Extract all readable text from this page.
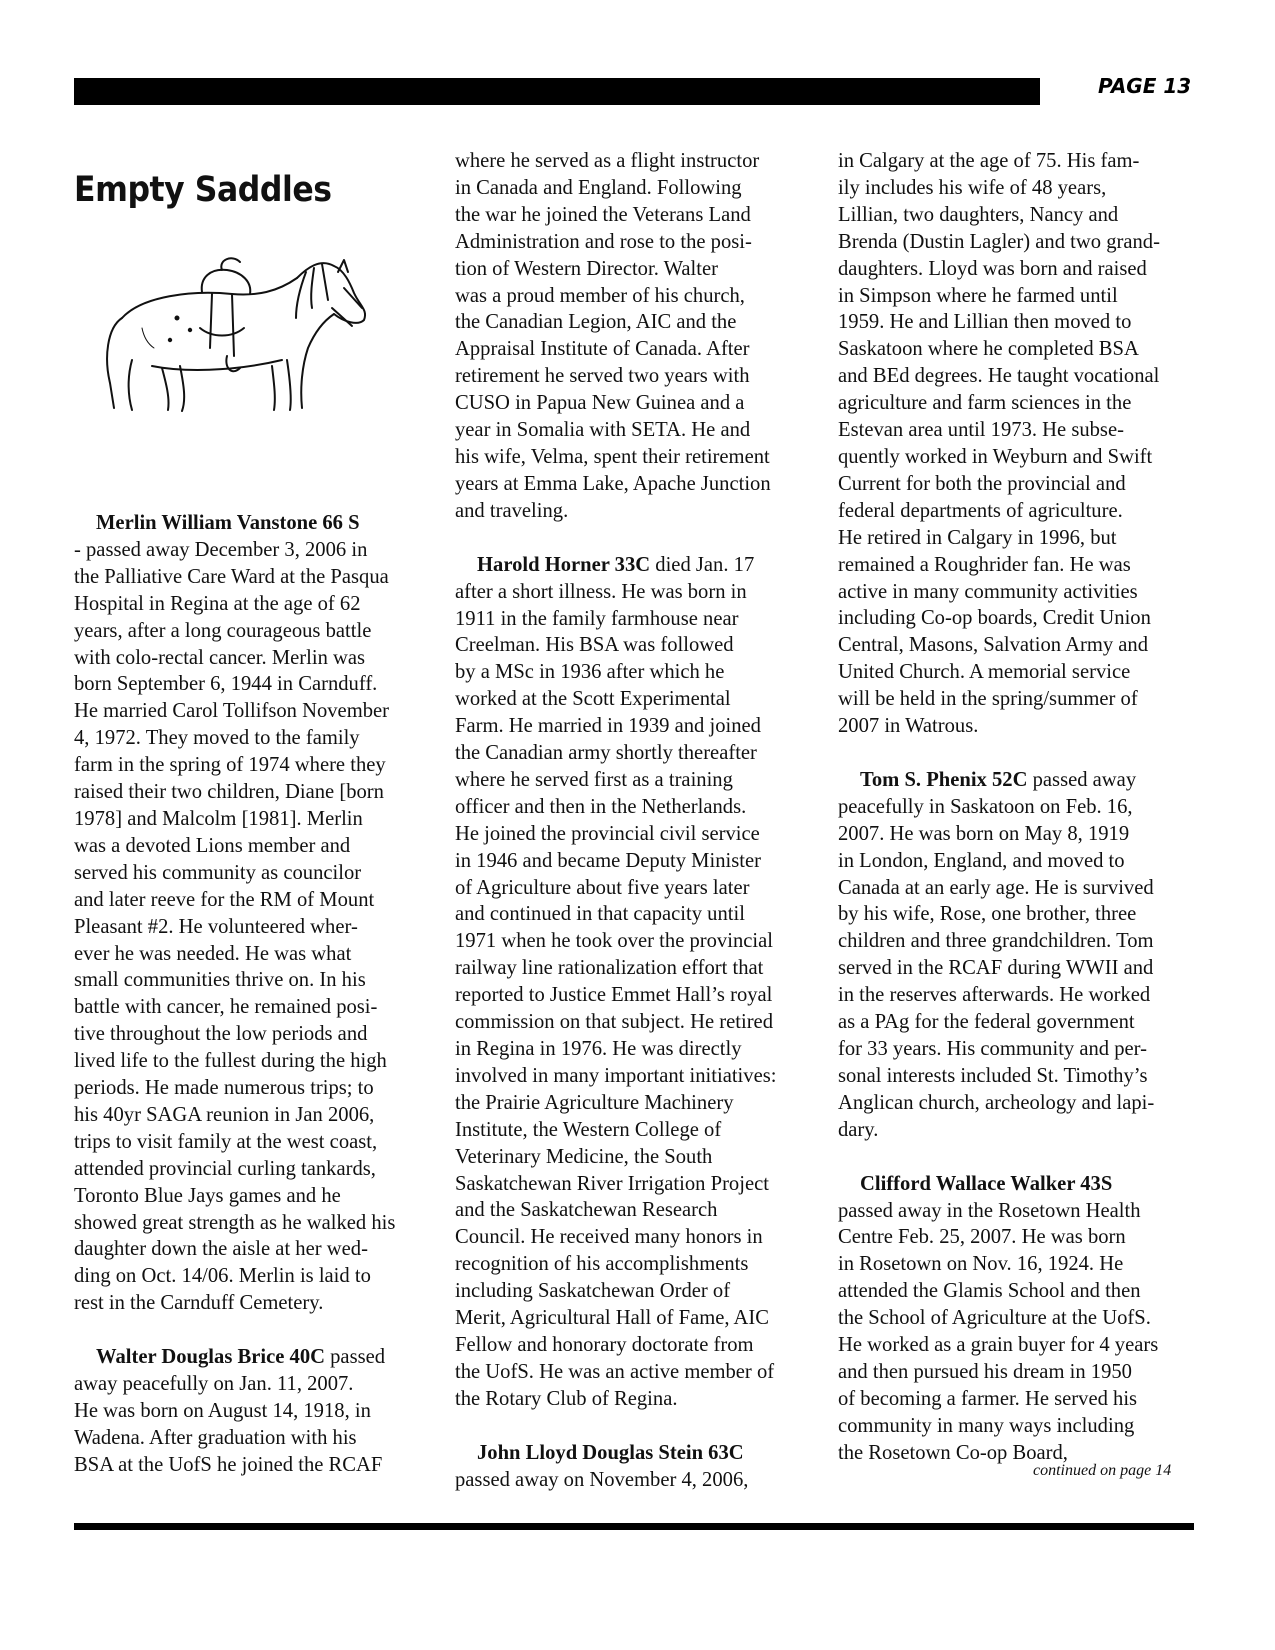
PAGE 13
Empty Saddles

Merlin William Vanstone 66 S

- passed away December 3, 2006 in

the Palliative Care Ward at the Pasqua

Hospital in Regina at the age of 62

years, after a long courageous battle

with colo-rectal cancer. Merlin was

born September 6, 1944 in Carnduff.

He married Carol Tollifson November

4, 1972. They moved to the family

farm in the spring of 1974 where they

raised their two children, Diane [born

1978] and Malcolm [1981]. Merlin

was a devoted Lions member and

served his community as councilor

and later reeve for the RM of Mount

Pleasant #2. He volunteered wher-

ever he was needed. He was what

small communities thrive on. In his

battle with cancer, he remained posi-

tive throughout the low periods and

lived life to the fullest during the high

periods. He made numerous trips; to

his 40yr SAGA reunion in Jan 2006,

trips to visit family at the west coast,

attended provincial curling tankards,

Toronto Blue Jays games and he

showed great strength as he walked his

daughter down the aisle at her wed-

ding on Oct. 14/06. Merlin is laid to

rest in the Carnduff Cemetery.

Walter Douglas Brice 40C passed

away peacefully on Jan. 11, 2007.

He was born on August 14, 1918, in

Wadena. After graduation with his

BSA at the UofS he joined the RCAF

where he served as a flight instructor

in Canada and England. Following

the war he joined the Veterans Land

Administration and rose to the posi-

tion of Western Director. Walter

was a proud member of his church,

the Canadian Legion, AIC and the

Appraisal Institute of Canada. After

retirement he served two years with

CUSO in Papua New Guinea and a

year in Somalia with SETA. He and

his wife, Velma, spent their retirement

years at Emma Lake, Apache Junction

and traveling.

Harold Horner 33C died Jan. 17

after a short illness. He was born in

1911 in the family farmhouse near

Creelman. His BSA was followed

by a MSc in 1936 after which he

worked at the Scott Experimental

Farm. He married in 1939 and joined

the Canadian army shortly thereafter

where he served first as a training

officer and then in the Netherlands.

He joined the provincial civil service

in 1946 and became Deputy Minister

of Agriculture about five years later

and continued in that capacity until

1971 when he took over the provincial

railway line rationalization effort that

reported to Justice Emmet Hall’s royal

commission on that subject. He retired

in Regina in 1976. He was directly

involved in many important initiatives:

the Prairie Agriculture Machinery

Institute, the Western College of

Veterinary Medicine, the South

Saskatchewan River Irrigation Project

and the Saskatchewan Research

Council. He received many honors in

recognition of his accomplishments

including Saskatchewan Order of

Merit, Agricultural Hall of Fame, AIC

Fellow and honorary doctorate from

the UofS. He was an active member of

the Rotary Club of Regina.

John Lloyd Douglas Stein 63C

passed away on November 4, 2006,

in Calgary at the age of 75. His fam-

ily includes his wife of 48 years,

Lillian, two daughters, Nancy and

Brenda (Dustin Lagler) and two grand-

daughters. Lloyd was born and raised

in Simpson where he farmed until

1959. He and Lillian then moved to

Saskatoon where he completed BSA

and BEd degrees. He taught vocational

agriculture and farm sciences in the

Estevan area until 1973. He subse-

quently worked in Weyburn and Swift

Current for both the provincial and

federal departments of agriculture.

He retired in Calgary in 1996, but

remained a Roughrider fan. He was

active in many community activities

including Co-op boards, Credit Union

Central, Masons, Salvation Army and

United Church. A memorial service

will be held in the spring/summer of

2007 in Watrous.

Tom S. Phenix 52C passed away

peacefully in Saskatoon on Feb. 16,

2007. He was born on May 8, 1919

in London, England, and moved to

Canada at an early age. He is survived

by his wife, Rose, one brother, three

children and three grandchildren. Tom

served in the RCAF during WWII and

in the reserves afterwards. He worked

as a PAg for the federal government

for 33 years. His community and per-

sonal interests included St. Timothy’s

Anglican church, archeology and lapi-

dary.

Clifford Wallace Walker 43S

passed away in the Rosetown Health

Centre Feb. 25, 2007. He was born

in Rosetown on Nov. 16, 1924. He

attended the Glamis School and then

the School of Agriculture at the UofS.

He worked as a grain buyer for 4 years

and then pursued his dream in 1950

of becoming a farmer. He served his

community in many ways including

the Rosetown Co-op Board,

continued on page 14
